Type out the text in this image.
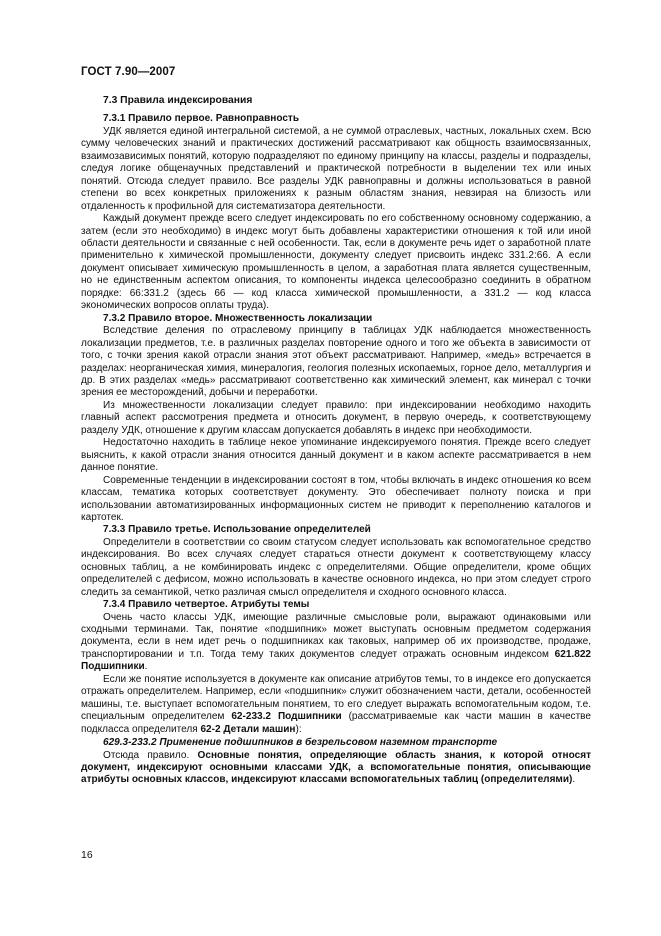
ГОСТ 7.90—2007
7.3 Правила индексирования
7.3.1 Правило первое. Равноправность
УДК является единой интегральной системой, а не суммой отраслевых, частных, локальных схем. Всю сумму человеческих знаний и практических достижений рассматривают как общность взаимосвязанных, взаимозависимых понятий, которую подразделяют по единому принципу на классы, разделы и подразделы, следуя логике общенаучных представлений и практической потребности в выделении тех или иных понятий. Отсюда следует правило. Все разделы УДК равноправны и должны использоваться в равной степени во всех конкретных приложениях к разным областям знания, невзирая на близость или отдаленность к профильной для систематизатора деятельности.
Каждый документ прежде всего следует индексировать по его собственному основному содержанию, а затем (если это необходимо) в индекс могут быть добавлены характеристики отношения к той или иной области деятельности и связанные с ней особенности. Так, если в документе речь идет о заработной плате применительно к химической промышленности, документу следует присвоить индекс 331.2:66. А если документ описывает химическую промышленность в целом, а заработная плата является существенным, но не единственным аспектом описания, то компоненты индекса целесообразно соединить в обратном порядке: 66:331.2 (здесь 66 — код класса химической промышленности, а 331.2 — код класса экономических вопросов оплаты труда).
7.3.2 Правило второе. Множественность локализации
Вследствие деления по отраслевому принципу в таблицах УДК наблюдается множественность локализации предметов, т.е. в различных разделах повторение одного и того же объекта в зависимости от того, с точки зрения какой отрасли знания этот объект рассматривают. Например, «медь» встречается в разделах: неорганическая химия, минералогия, геология полезных ископаемых, горное дело, металлургия и др. В этих разделах «медь» рассматривают соответственно как химический элемент, как минерал с точки зрения ее месторождений, добычи и переработки.
Из множественности локализации следует правило: при индексировании необходимо находить главный аспект рассмотрения предмета и относить документ, в первую очередь, к соответствующему разделу УДК, отношение к другим классам допускается добавлять в индекс при необходимости.
Недостаточно находить в таблице некое упоминание индексируемого понятия. Прежде всего следует выяснить, к какой отрасли знания относится данный документ и в каком аспекте рассматривается в нем данное понятие.
Современные тенденции в индексировании состоят в том, чтобы включать в индекс отношения ко всем классам, тематика которых соответствует документу. Это обеспечивает полноту поиска и при использовании автоматизированных информационных систем не приводит к переполнению каталогов и картотек.
7.3.3 Правило третье. Использование определителей
Определители в соответствии со своим статусом следует использовать как вспомогательное средство индексирования. Во всех случаях следует стараться отнести документ к соответствующему классу основных таблиц, а не комбинировать индекс с определителями. Общие определители, кроме общих определителей с дефисом, можно использовать в качестве основного индекса, но при этом следует строго следить за семантикой, четко различая смысл определителя и сходного основного класса.
7.3.4 Правило четвертое. Атрибуты темы
Очень часто классы УДК, имеющие различные смысловые роли, выражают одинаковыми или сходными терминами. Так, понятие «подшипник» может выступать основным предметом содержания документа, если в нем идет речь о подшипниках как таковых, например об их производстве, продаже, транспортировании и т.п. Тогда тему таких документов следует отражать основным индексом 621.822 Подшипники.
Если же понятие используется в документе как описание атрибутов темы, то в индексе его допускается отражать определителем. Например, если «подшипник» служит обозначением части, детали, особенностей машины, т.е. выступает вспомогательным понятием, то его следует выражать вспомогательным кодом, т.е. специальным определителем 62-233.2 Подшипники (рассматриваемые как части машин в качестве подкласса определителя 62-2 Детали машин):
629.3-233.2 Применение подшипников в безрельсовом наземном транспорте
Отсюда правило. Основные понятия, определяющие область знания, к которой относят документ, индексируют основными классами УДК, а вспомогательные понятия, описывающие атрибуты основных классов, индексируют классами вспомогательных таблиц (определителями).
16
